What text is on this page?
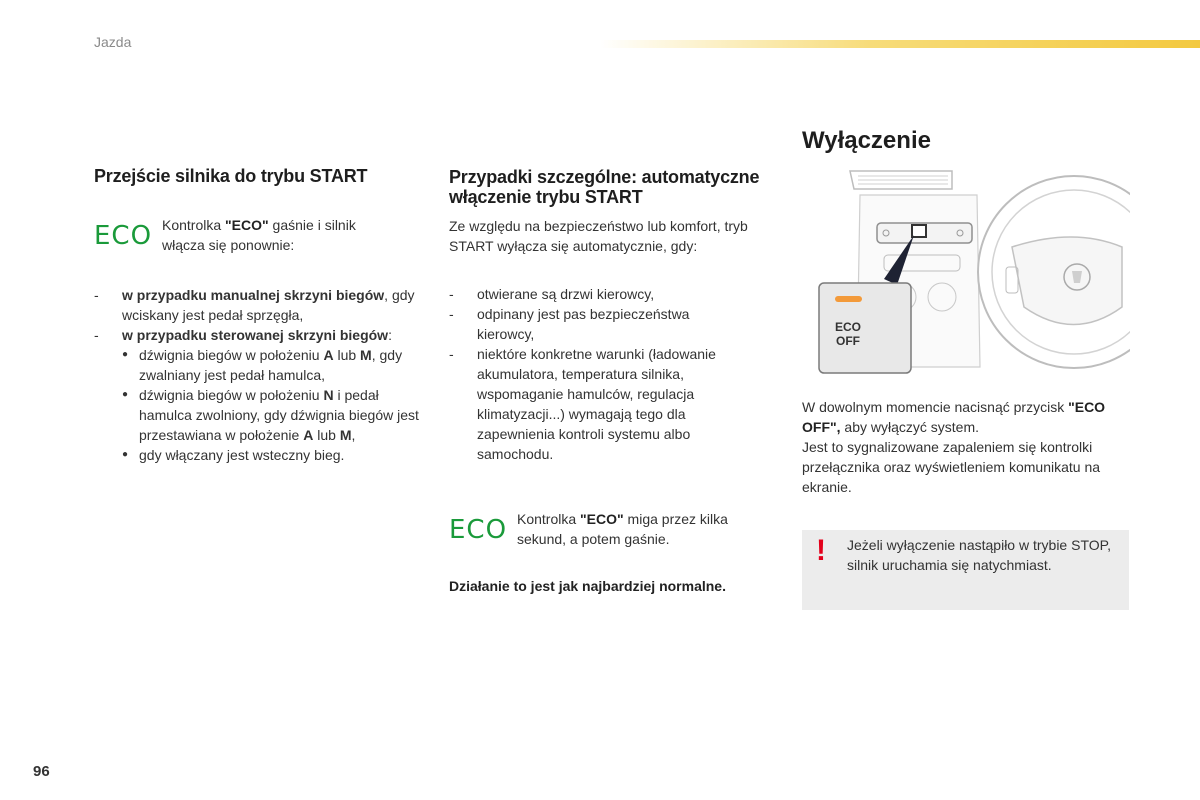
Jazda
Przejście silnika do trybu START
ECO Kontrolka "ECO" gaśnie i silnik włącza się ponownie:
- w przypadku manualnej skrzyni biegów, gdy wciskany jest pedał sprzęgła,
- w przypadku sterowanej skrzyni biegów:
● dźwignia biegów w położeniu A lub M, gdy zwalniany jest pedał hamulca,
● dźwignia biegów w położeniu N i pedał hamulca zwolniony, gdy dźwignia biegów jest przestawiana w położenie A lub M,
● gdy włączany jest wsteczny bieg.
Przypadki szczególne: automatyczne włączenie trybu START
Ze względu na bezpieczeństwo lub komfort, tryb START wyłącza się automatycznie, gdy:
- otwierane są drzwi kierowcy,
- odpinany jest pas bezpieczeństwa kierowcy,
- niektóre konkretne warunki (ładowanie akumulatora, temperatura silnika, wspomaganie hamulców, regulacja klimatyzacji...) wymagają tego dla zapewnienia kontroli systemu albo samochodu.
ECO Kontrolka "ECO" miga przez kilka sekund, a potem gaśnie.
Działanie to jest jak najbardziej normalne.
Wyłączenie
ECO
OFF
W dowolnym momencie nacisnąć przycisk "ECO OFF", aby wyłączyć system.
Jest to sygnalizowane zapaleniem się kontrolki przełącznika oraz wyświetleniem komunikatu na ekranie.
! Jeżeli wyłączenie nastąpiło w trybie STOP, silnik uruchamia się natychmiast.
96
